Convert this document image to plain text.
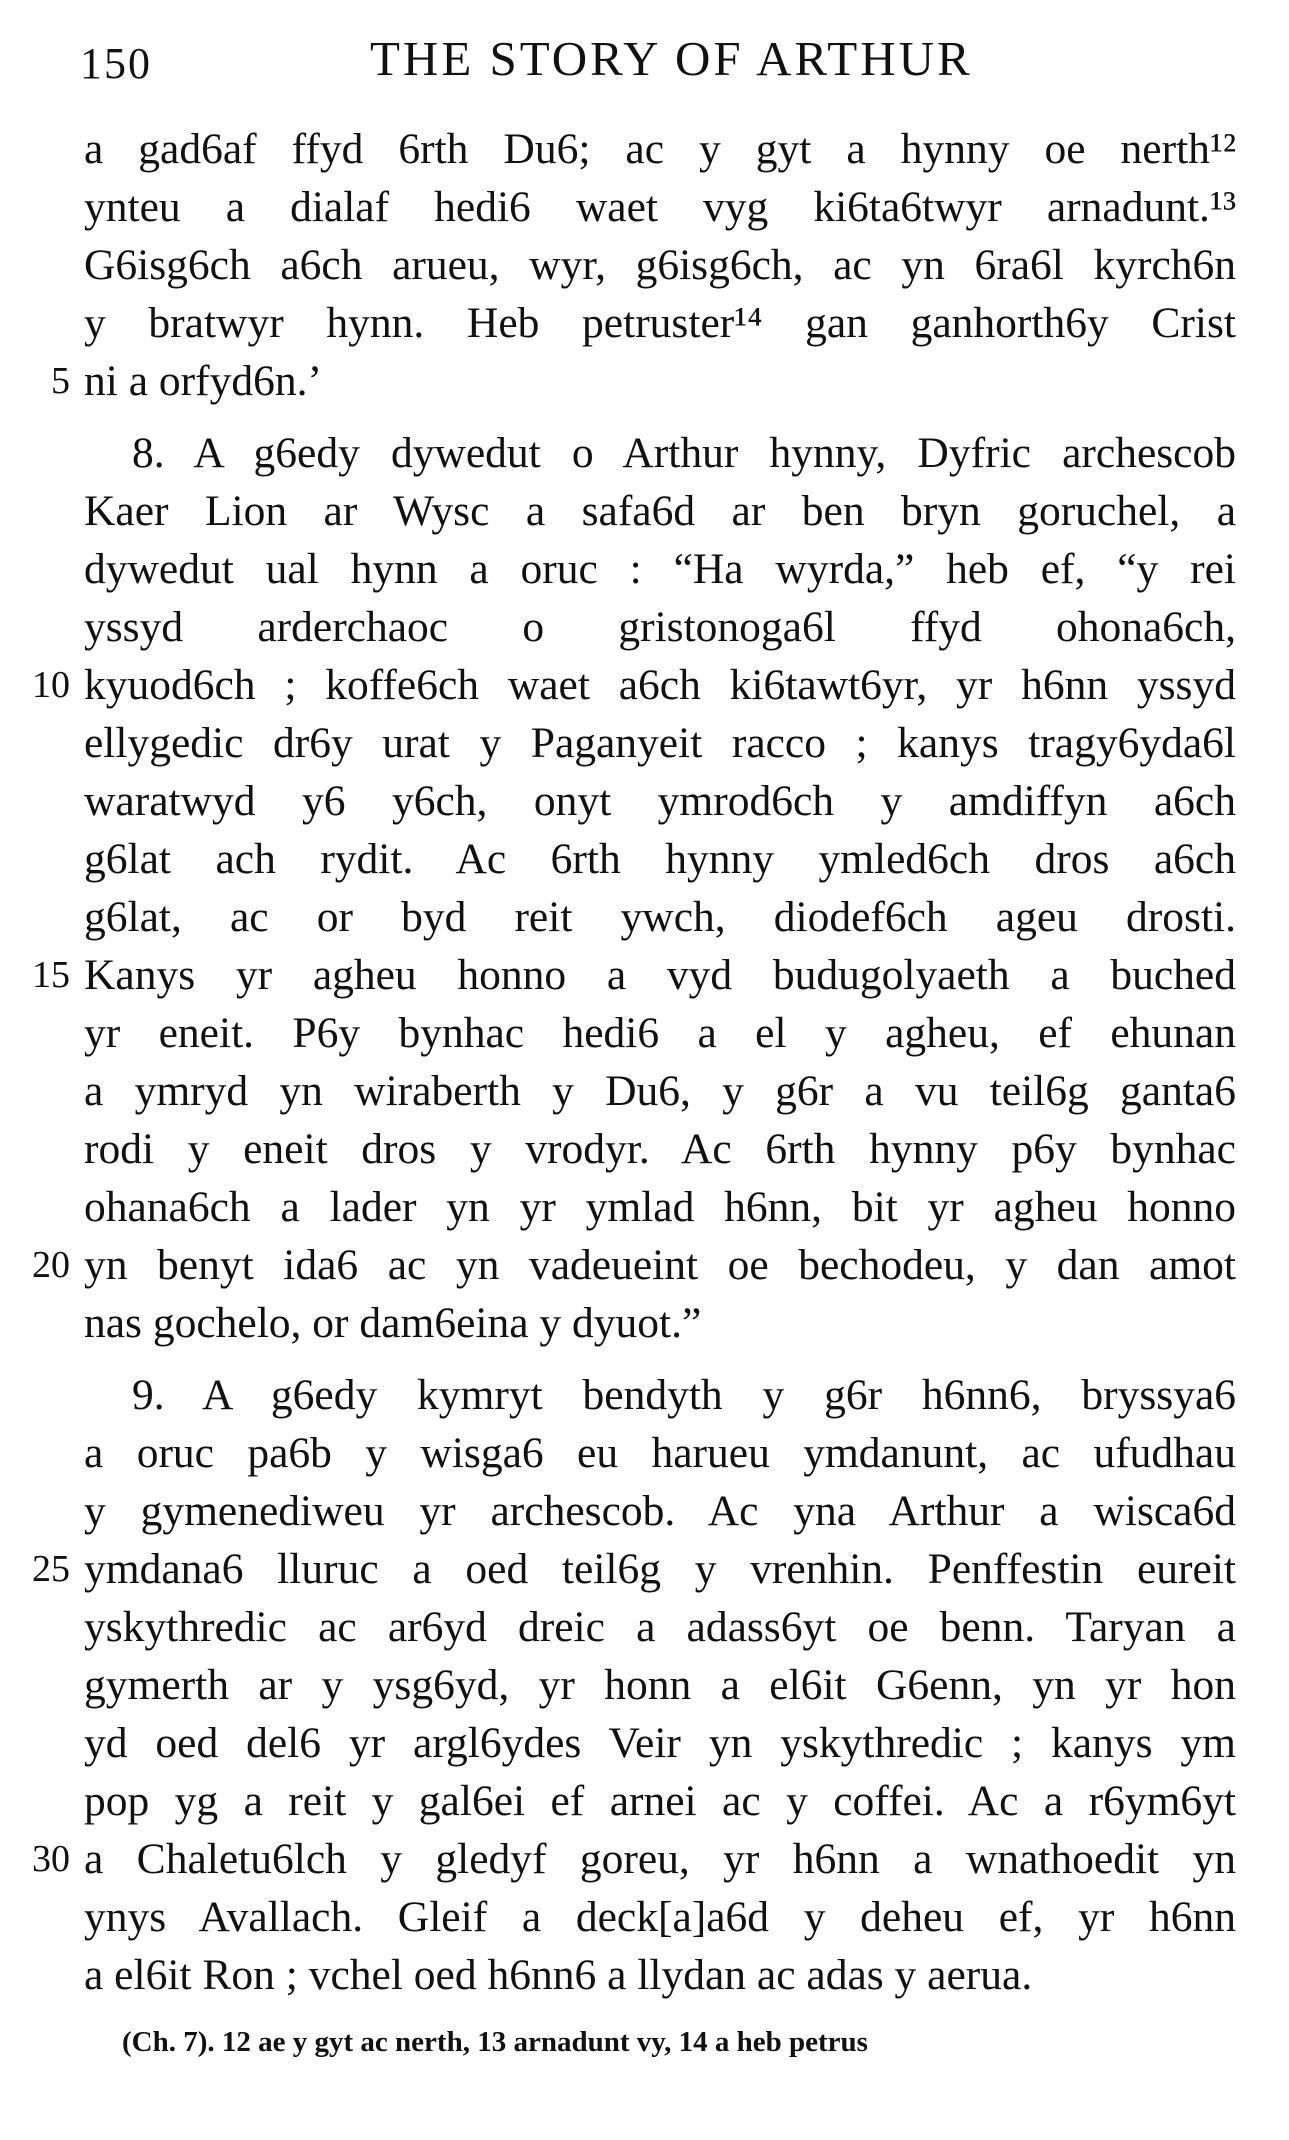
150	THE STORY OF ARTHUR
a gad6af ffyd 6rth Du6; ac y gyt a hynny oe nerth¹²
ynteu a dialaf hedi6 waet vyg ki6ta6twyr arnadunt.¹³
G6isg6ch a6ch arueu, wyr, g6isg6ch, ac yn 6ra6l kyrch6n
y bratwyr hynn. Heb petruster¹⁴ gan ganhorth6y Crist
ni a orfyd6n.’
5
8. A g6edy dywedut o Arthur hynny, Dyfric archescob
Kaer Lion ar Wysc a safa6d ar ben bryn goruchel, a
dywedut ual hynn a oruc : “Ha wyrda,” heb ef, “y rei
yssyd arderchaoc o gristonoga6l ffyd ohona6ch,
kyuod6ch ; koffe6ch waet a6ch ki6tawt6yr, yr h6nn yssyd
10
ellygedic dr6y urat y Paganyeit racco ; kanys tragy6yda6l
waratwyd y6 y6ch, onyt ymrod6ch y amdiffyn a6ch
g6lat ach rydit. Ac 6rth hynny ymled6ch dros a6ch
g6lat, ac or byd reit ywch, diodef6ch ageu drosti.
Kanys yr agheu honno a vyd budugolyaeth a buched
15
yr eneit. P6y bynhac hedi6 a el y agheu, ef ehunan
a ymryd yn wiraberth y Du6, y g6r a vu teil6g ganta6
rodi y eneit dros y vrodyr. Ac 6rth hynny p6y bynhac
ohana6ch a lader yn yr ymlad h6nn, bit yr agheu honno
yn benyt ida6 ac yn vadeueint oe bechodeu, y dan amot
20
nas gochelo, or dam6eina y dyuot.”
9. A g6edy kymryt bendyth y g6r h6nn6, bryssya6
a oruc pa6b y wisga6 eu harueu ymdanunt, ac ufudhau
y gymenediweu yr archescob. Ac yna Arthur a wisca6d
ymdana6 lluruc a oed teil6g y vrenhin. Penffestin eureit
25
yskythredic ac ar6yd dreic a adass6yt oe benn. Taryan a
gymerth ar y ysg6yd, yr honn a el6it G6enn, yn yr hon
yd oed del6 yr argl6ydes Veir yn yskythredic ; kanys ym
pop yg a reit y gal6ei ef arnei ac y coffei. Ac a r6ym6yt
a Chaletu6lch y gledyf goreu, yr h6nn a wnathoedit yn
30
ynys Avallach. Gleif a deck[a]a6d y deheu ef, yr h6nn
a el6it Ron ; vchel oed h6nn6 a llydan ac adas y aerua.
(Ch. 7). 12 ae y gyt ac nerth, 13 arnadunt vy, 14 a heb petrus
